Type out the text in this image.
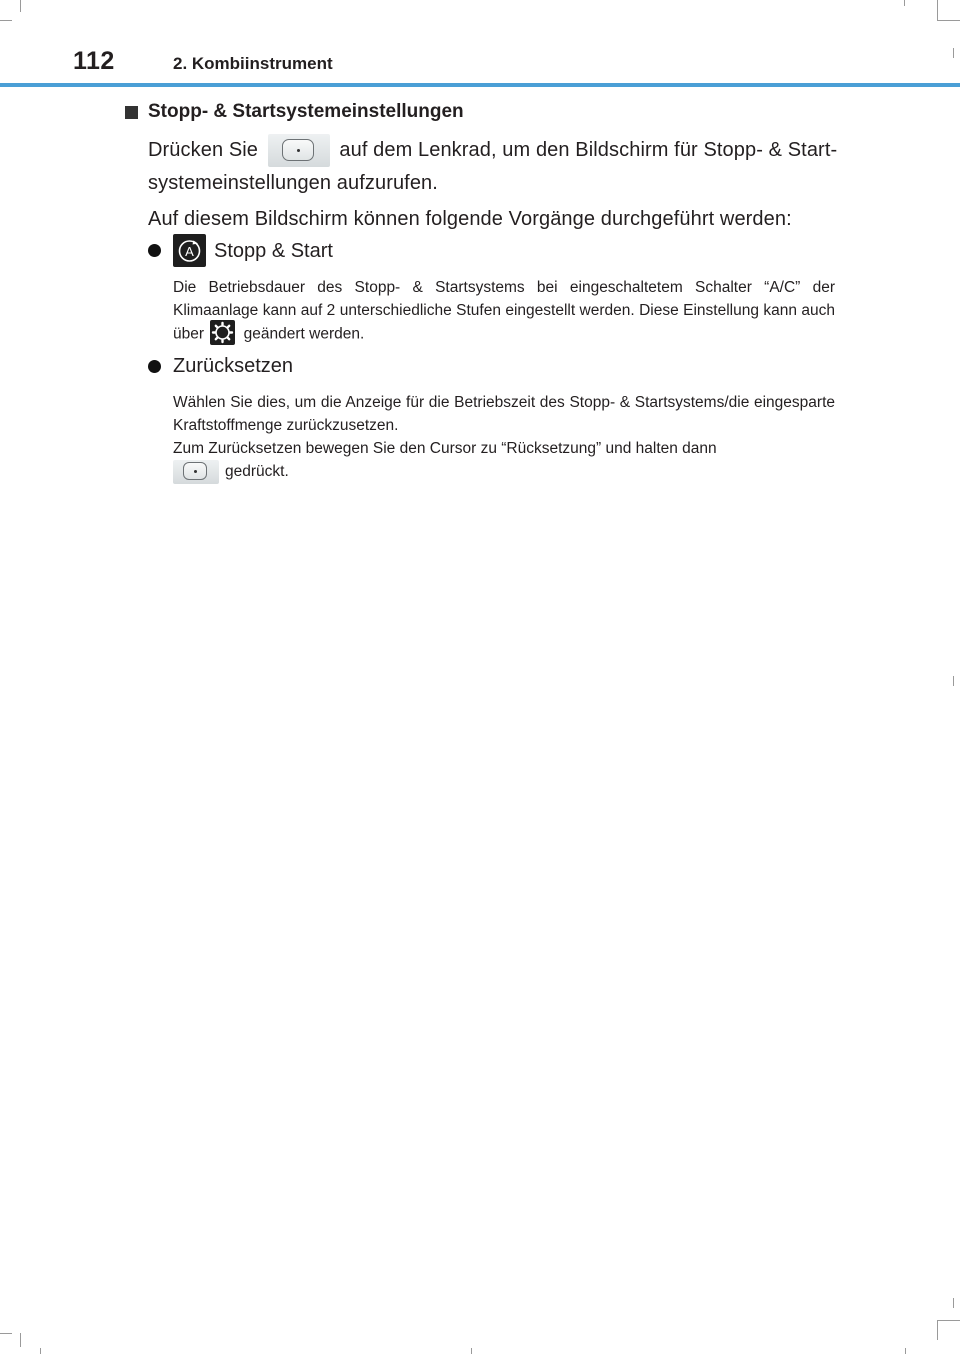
112	2. Kombiinstrument
Stopp- & Startsystemeinstellungen
Drücken Sie	auf dem Lenkrad, um den Bildschirm für Stopp- & Start-systemeinstellungen aufzurufen.
Auf diesem Bildschirm können folgende Vorgänge durchgeführt werden:
A Stopp & Start
Die Betriebsdauer des Stopp- & Startsystems bei eingeschaltetem Schalter “A/C” der Klimaanlage kann auf 2 unterschiedliche Stufen eingestellt werden. Diese Einstellung kann auch über	geändert werden.
Zurücksetzen
Wählen Sie dies, um die Anzeige für die Betriebszeit des Stopp- & Startsystems/die eingesparte Kraftstoffmenge zurückzusetzen.
Zum Zurücksetzen bewegen Sie den Cursor zu “Rücksetzung” und halten dann
gedrückt.
